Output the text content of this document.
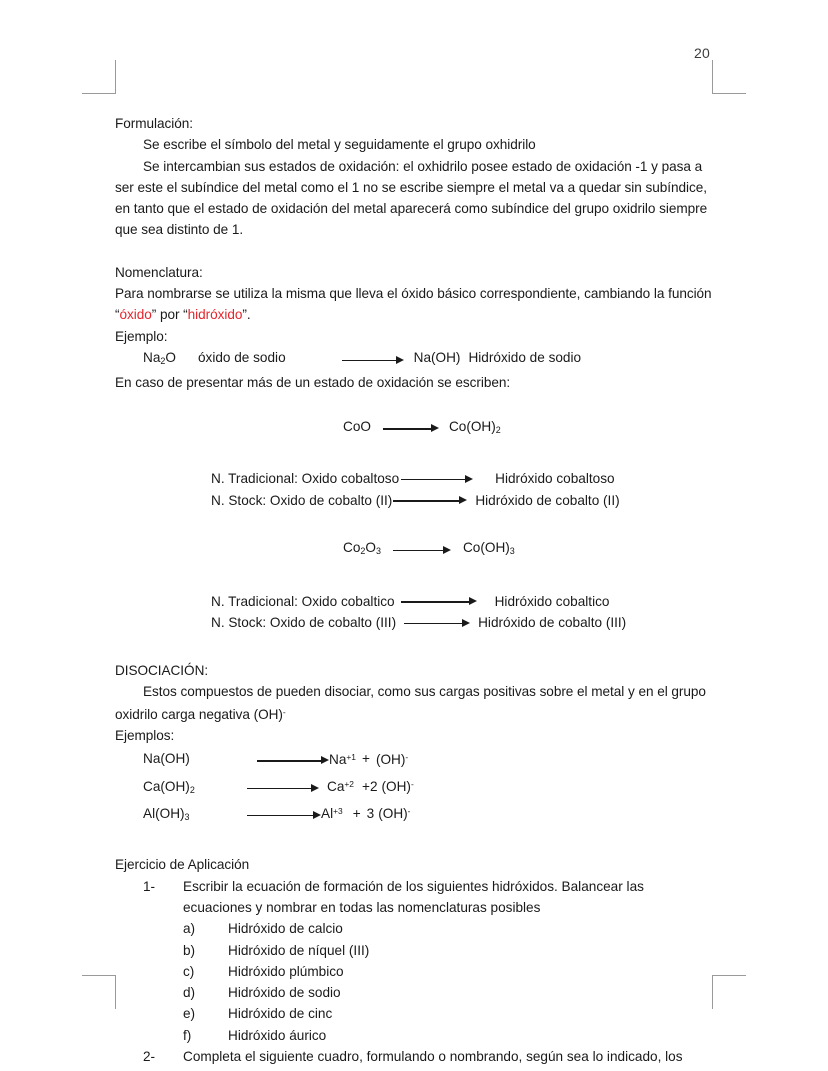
20

Formulación:

Se escribe el símbolo del metal y seguidamente el grupo oxhidrilo

Se intercambian sus estados de oxidación: el oxhidrilo posee estado de oxidación -1 y pasa a ser este el subíndice del metal como el 1 no se escribe siempre el metal va a quedar sin subíndice, en tanto que el estado de oxidación del metal aparecerá como subíndice del grupo oxidrilo siempre que sea distinto de 1.

Nomenclatura:

Para nombrarse se utiliza la misma que lleva el óxido básico correspondiente, cambiando la función “óxido” por “hidróxido”.

Ejemplo:

$Na_2O$ óxido de sodio	Na(OH) Hidróxido de sodio

En caso de presentar más de un estado de oxidación se escriben:

CoO	$Co(OH)_2$
N. Tradicional: Oxido cobaltoso	Hidróxido cobaltoso
N. Stock: Oxido de cobalto (II)	Hidróxido de cobalto (II)
$Co_2O_3$	$Co(OH)_3$
N. Tradicional: Oxido cobaltico	Hidróxido cobaltico
N. Stock: Oxido de cobalto (III)	Hidróxido de cobalto (III)

DISOCIACIÓN:

Estos compuestos de pueden disociar, como sus cargas positivas sobre el metal y en el grupo oxidrilo carga negativa (OH)-

Ejemplos:

Na(OH)	$Na^{+1} + (OH)^-$
$Ca(OH)_2$	$Ca^{+2} +2$ (OH)-
$Al(OH)_3$	$Al^{+3} + 3$ (OH)-

Ejercicio de Aplicación

1-	Escribir la ecuación de formación de los siguientes hidróxidos. Balancear las ecuaciones y nombrar en todas las nomenclaturas posibles
a)	Hidróxido de calcio
b)	Hidróxido de níquel (III)
c)	Hidróxido plúmbico
d)	Hidróxido de sodio
e)	Hidróxido de cinc
f)	Hidróxido áurico
2-	Completa el siguiente cuadro, formulando o nombrando, según sea lo indicado, los
